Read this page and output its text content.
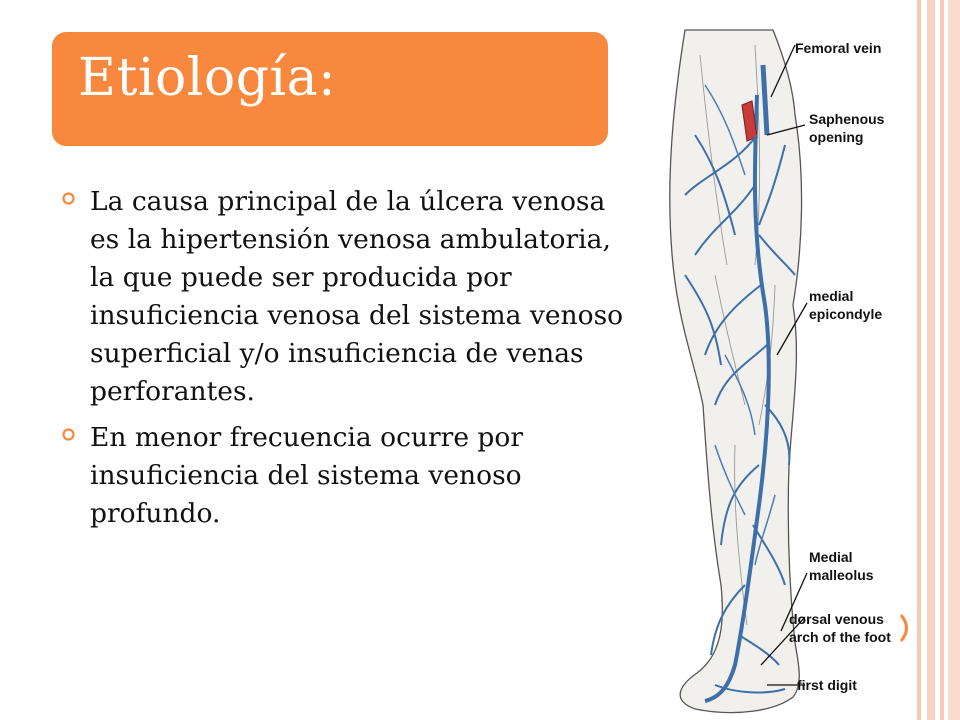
Etiología:
La causa principal de la úlcera venosa es la hipertensión venosa ambulatoria, la que puede ser producida por insuficiencia venosa del sistema venoso superficial y/o insuficiencia de venas perforantes.
En menor frecuencia ocurre por insuficiencia del sistema venoso profundo.
Femoral vein
Saphenous
opening
medial
epicondyle
Medial
malleolus
dorsal venous
arch of the foot
first digit
